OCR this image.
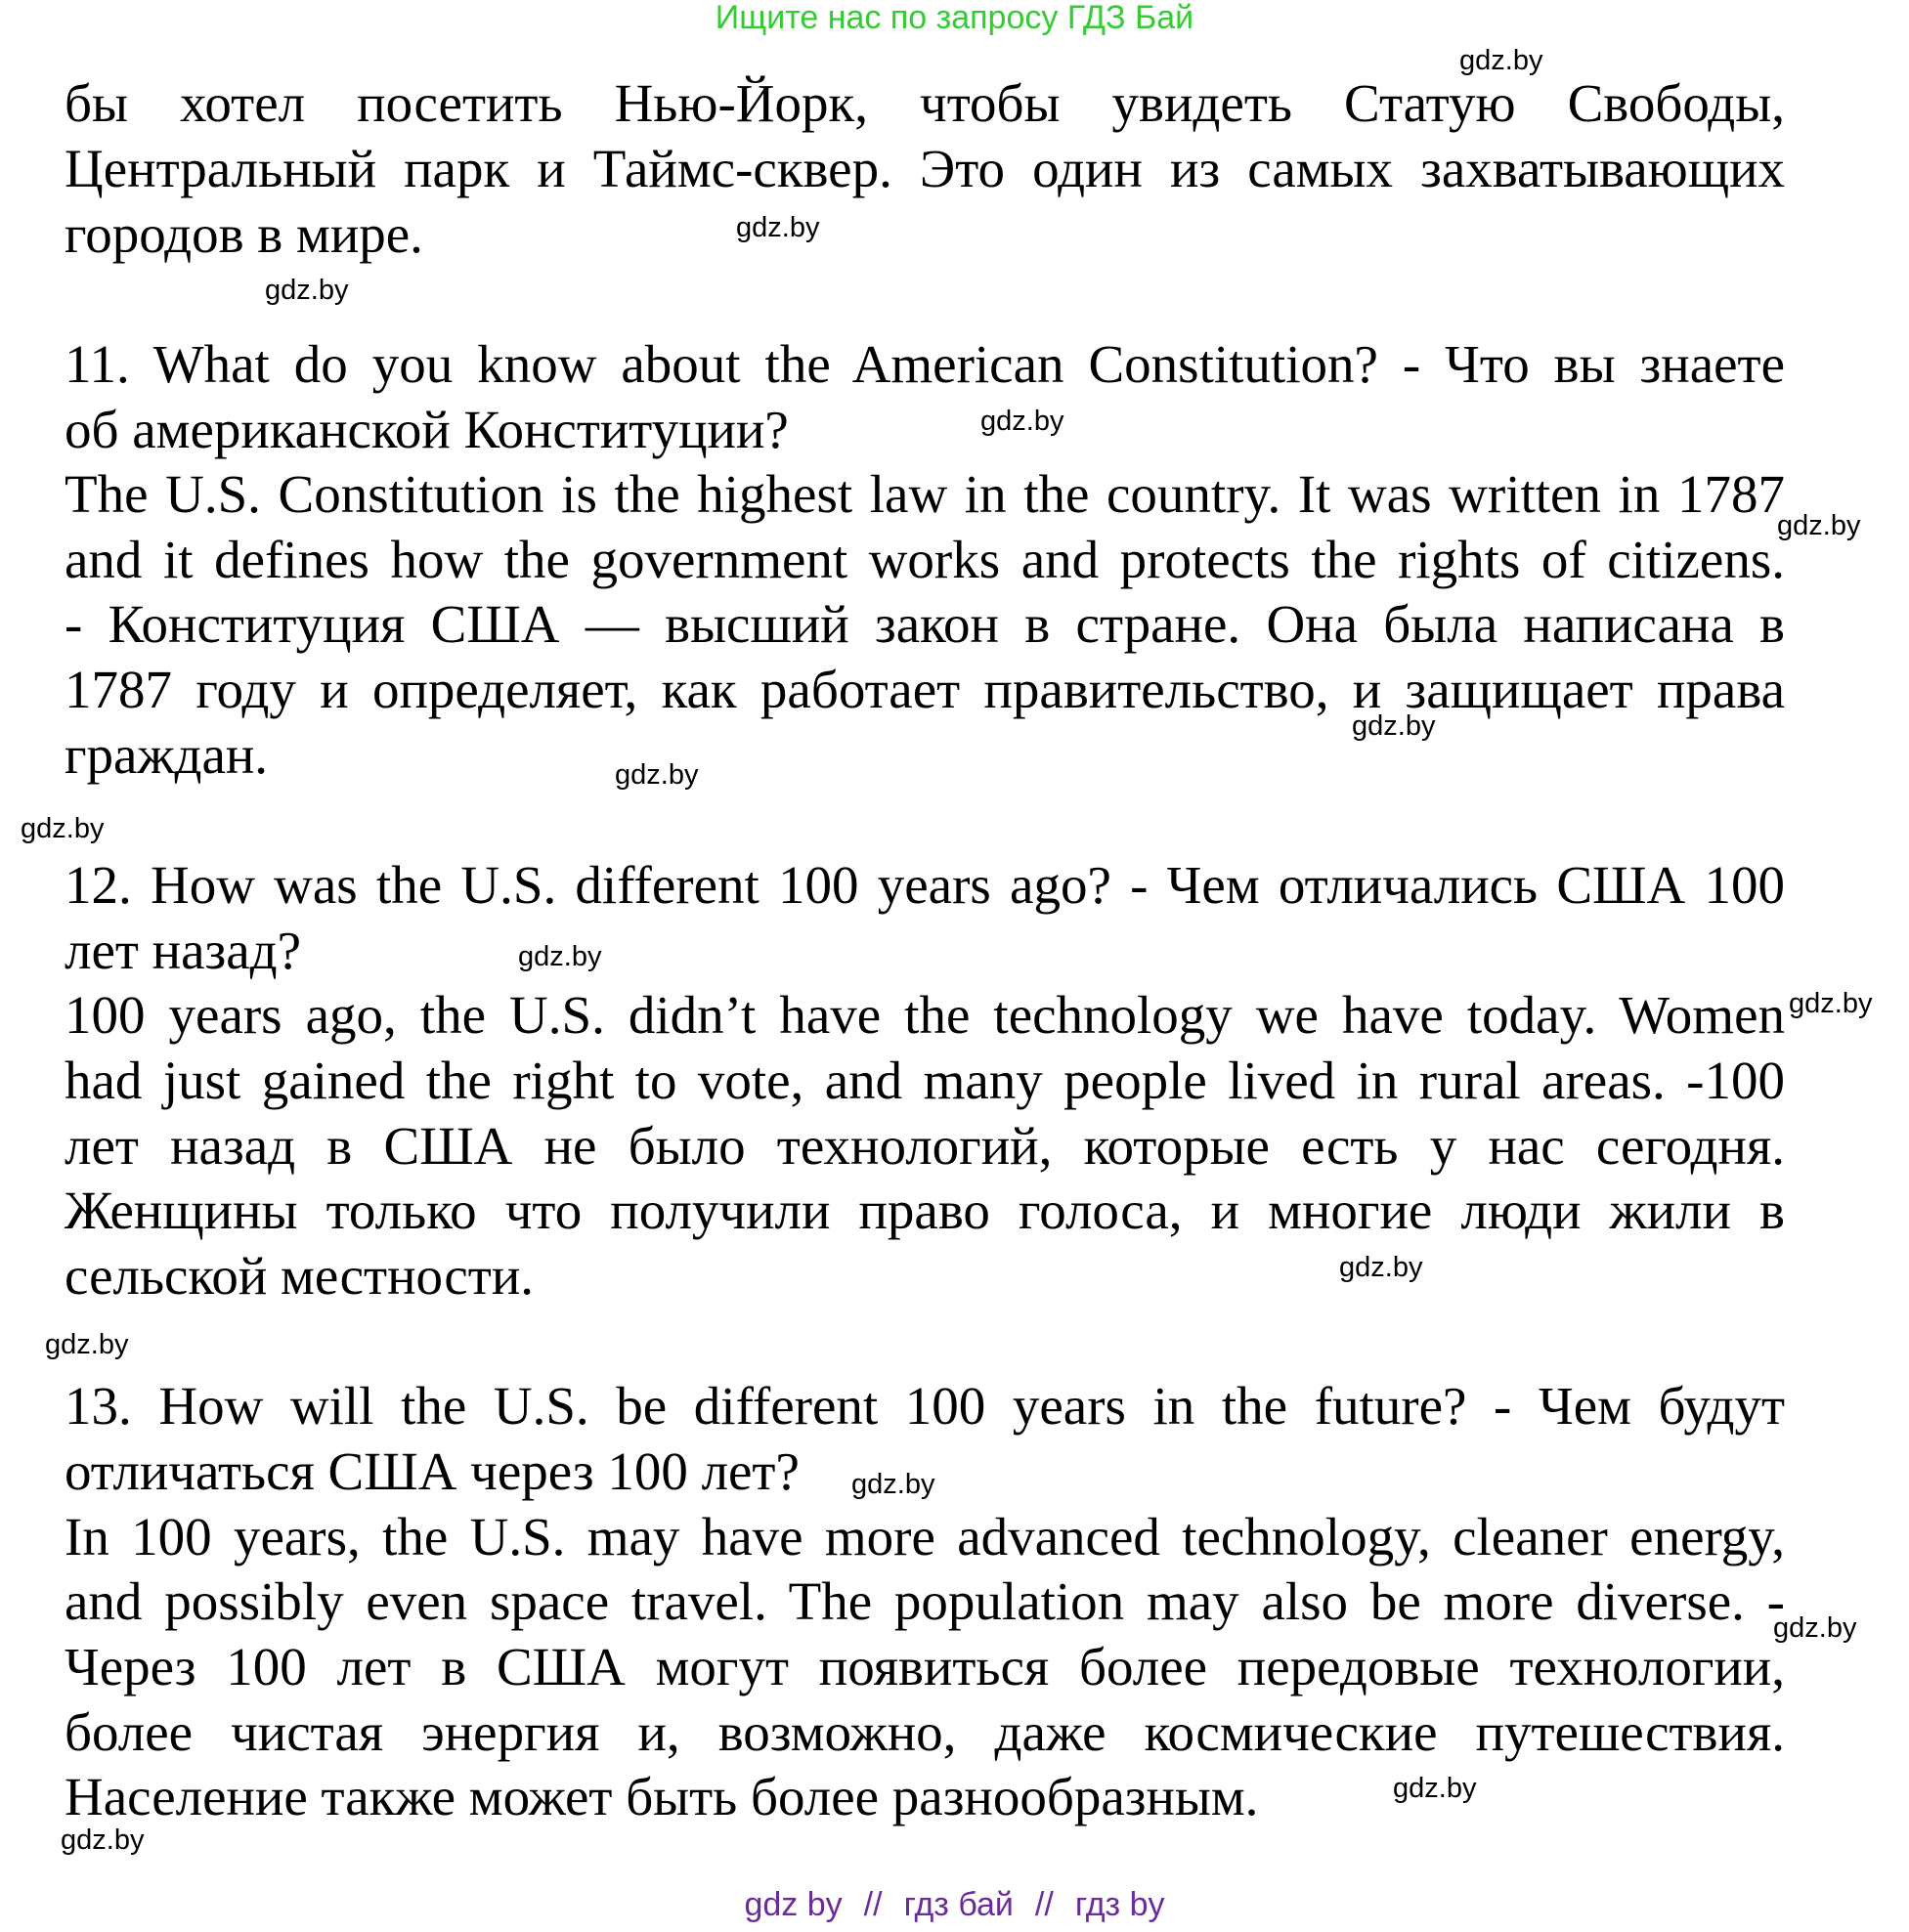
Ищите нас по запросу ГДЗ Бай
бы хотел посетить Нью-Йорк, чтобы увидеть Статую Свободы,
Центральный парк и Таймс-сквер. Это один из самых захватывающих
городов в мире.
11. What do you know about the American Constitution? - Что вы знаете
об американской Конституции?
The U.S. Constitution is the highest law in the country. It was written in 1787
and it defines how the government works and protects the rights of citizens.
- Конституция США — высший закон в стране. Она была написана в
1787 году и определяет, как работает правительство, и защищает права
граждан.
12. How was the U.S. different 100 years ago? - Чем отличались США 100
лет назад?
100 years ago, the U.S. didn’t have the technology we have today. Women
had just gained the right to vote, and many people lived in rural areas. -100
лет назад в США не было технологий, которые есть у нас сегодня.
Женщины только что получили право голоса, и многие люди жили в
сельской местности.
13. How will the U.S. be different 100 years in the future? - Чем будут
отличаться США через 100 лет?
In 100 years, the U.S. may have more advanced technology, cleaner energy,
and possibly even space travel. The population may also be more diverse. -
Через 100 лет в США могут появиться более передовые технологии,
более чистая энергия и, возможно, даже космические путешествия.
Население также может быть более разнообразным.
gdz.by
gdz.by
gdz.by
gdz.by
gdz.by
gdz.by
gdz.by
gdz.by
gdz.by
gdz.by
gdz.by
gdz.by
gdz.by
gdz.by
gdz.by
gdz.by
gdz by // гдз бай // гдз by
